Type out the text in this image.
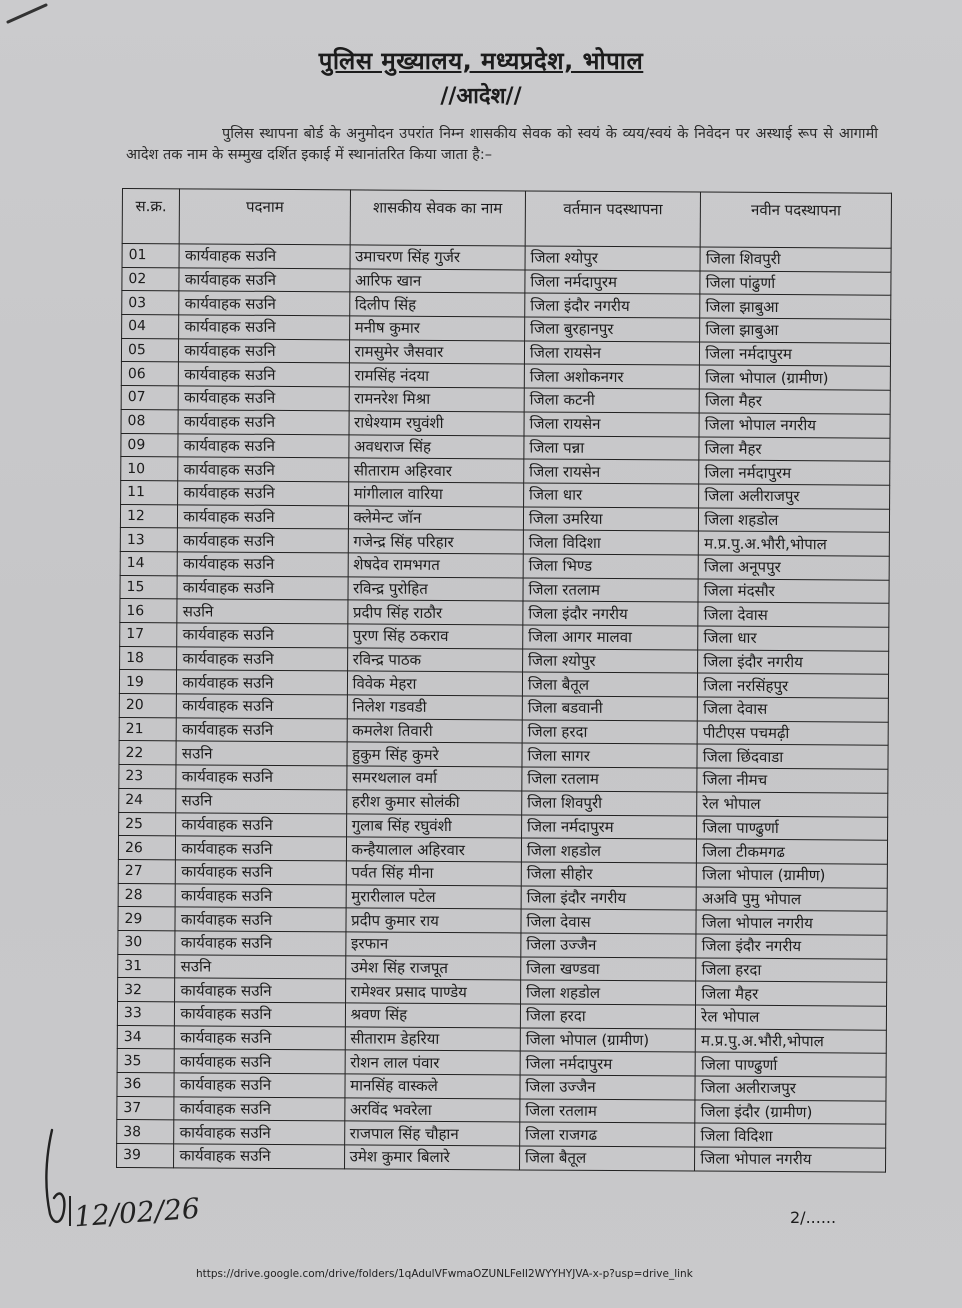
पुलिस मुख्यालय, मध्यप्रदेश, भोपाल
//आदेश//
पुलिस स्थापना बोर्ड के अनुमोदन उपरांत निम्न शासकीय सेवक को स्वयं के व्यय/स्वयं के निवेदन पर अस्थाई रूप से आगामी आदेश तक नाम के सम्मुख दर्शित इकाई में स्थानांतरित किया जाता है:–
स.क्र.	पदनाम	शासकीय सेवक का नाम	वर्तमान पदस्थापना	नवीन पदस्थापना
01	कार्यवाहक सउनि	उमाचरण सिंह गुर्जर	जिला श्योपुर	जिला शिवपुरी
02	कार्यवाहक सउनि	आरिफ खान	जिला नर्मदापुरम	जिला पांढुर्णा
03	कार्यवाहक सउनि	दिलीप सिंह	जिला इंदौर नगरीय	जिला झाबुआ
04	कार्यवाहक सउनि	मनीष कुमार	जिला बुरहानपुर	जिला झाबुआ
05	कार्यवाहक सउनि	रामसुमेर जैसवार	जिला रायसेन	जिला नर्मदापुरम
06	कार्यवाहक सउनि	रामसिंह नंदया	जिला अशोकनगर	जिला भोपाल (ग्रामीण)
07	कार्यवाहक सउनि	रामनरेश मिश्रा	जिला कटनी	जिला मैहर
08	कार्यवाहक सउनि	राधेश्याम रघुवंशी	जिला रायसेन	जिला भोपाल नगरीय
09	कार्यवाहक सउनि	अवधराज सिंह	जिला पन्ना	जिला मैहर
10	कार्यवाहक सउनि	सीताराम अहिरवार	जिला रायसेन	जिला नर्मदापुरम
11	कार्यवाहक सउनि	मांगीलाल वारिया	जिला धार	जिला अलीराजपुर
12	कार्यवाहक सउनि	क्लेमेन्ट जॉन	जिला उमरिया	जिला शहडोल
13	कार्यवाहक सउनि	गजेन्द्र सिंह परिहार	जिला विदिशा	म.प्र.पु.अ.भौरी,भोपाल
14	कार्यवाहक सउनि	शेषदेव रामभगत	जिला भिण्ड	जिला अनूपपुर
15	कार्यवाहक सउनि	रविन्द्र पुरोहित	जिला रतलाम	जिला मंदसौर
16	सउनि	प्रदीप सिंह राठौर	जिला इंदौर नगरीय	जिला देवास
17	कार्यवाहक सउनि	पुरण सिंह ठकराव	जिला आगर मालवा	जिला धार
18	कार्यवाहक सउनि	रविन्द्र पाठक	जिला श्योपुर	जिला इंदौर नगरीय
19	कार्यवाहक सउनि	विवेक मेहरा	जिला बैतूल	जिला नरसिंहपुर
20	कार्यवाहक सउनि	निलेश गडवडी	जिला बडवानी	जिला देवास
21	कार्यवाहक सउनि	कमलेश तिवारी	जिला हरदा	पीटीएस पचमढ़ी
22	सउनि	हुकुम सिंह कुमरे	जिला सागर	जिला छिंदवाडा
23	कार्यवाहक सउनि	समरथलाल वर्मा	जिला रतलाम	जिला नीमच
24	सउनि	हरीश कुमार सोलंकी	जिला शिवपुरी	रेल भोपाल
25	कार्यवाहक सउनि	गुलाब सिंह रघुवंशी	जिला नर्मदापुरम	जिला पाण्ढुर्णा
26	कार्यवाहक सउनि	कन्हैयालाल अहिरवार	जिला शहडोल	जिला टीकमगढ
27	कार्यवाहक सउनि	पर्वत सिंह मीना	जिला सीहोर	जिला भोपाल (ग्रामीण)
28	कार्यवाहक सउनि	मुरारीलाल पटेल	जिला इंदौर नगरीय	अअवि पुमु भोपाल
29	कार्यवाहक सउनि	प्रदीप कुमार राय	जिला देवास	जिला भोपाल नगरीय
30	कार्यवाहक सउनि	इरफान	जिला उज्जैन	जिला इंदौर नगरीय
31	सउनि	उमेश सिंह राजपूत	जिला खण्डवा	जिला हरदा
32	कार्यवाहक सउनि	रामेश्वर प्रसाद पाण्डेय	जिला शहडोल	जिला मैहर
33	कार्यवाहक सउनि	श्रवण सिंह	जिला हरदा	रेल भोपाल
34	कार्यवाहक सउनि	सीताराम डेहरिया	जिला भोपाल (ग्रामीण)	म.प्र.पु.अ.भौरी,भोपाल
35	कार्यवाहक सउनि	रोशन लाल पंवार	जिला नर्मदापुरम	जिला पाण्ढुर्णा
36	कार्यवाहक सउनि	मानसिंह वास्कले	जिला उज्जैन	जिला अलीराजपुर
37	कार्यवाहक सउनि	अरविंद भवरेला	जिला रतलाम	जिला इंदौर (ग्रामीण)
38	कार्यवाहक सउनि	राजपाल सिंह चौहान	जिला राजगढ	जिला विदिशा
39	कार्यवाहक सउनि	उमेश कुमार बिलारे	जिला बैतूल	जिला भोपाल नगरीय
12/02/26	2/......
https://drive.google.com/drive/folders/1qAdulVFwmaOZUNLFeII2WYYHYJVA-x-p?usp=drive_link
